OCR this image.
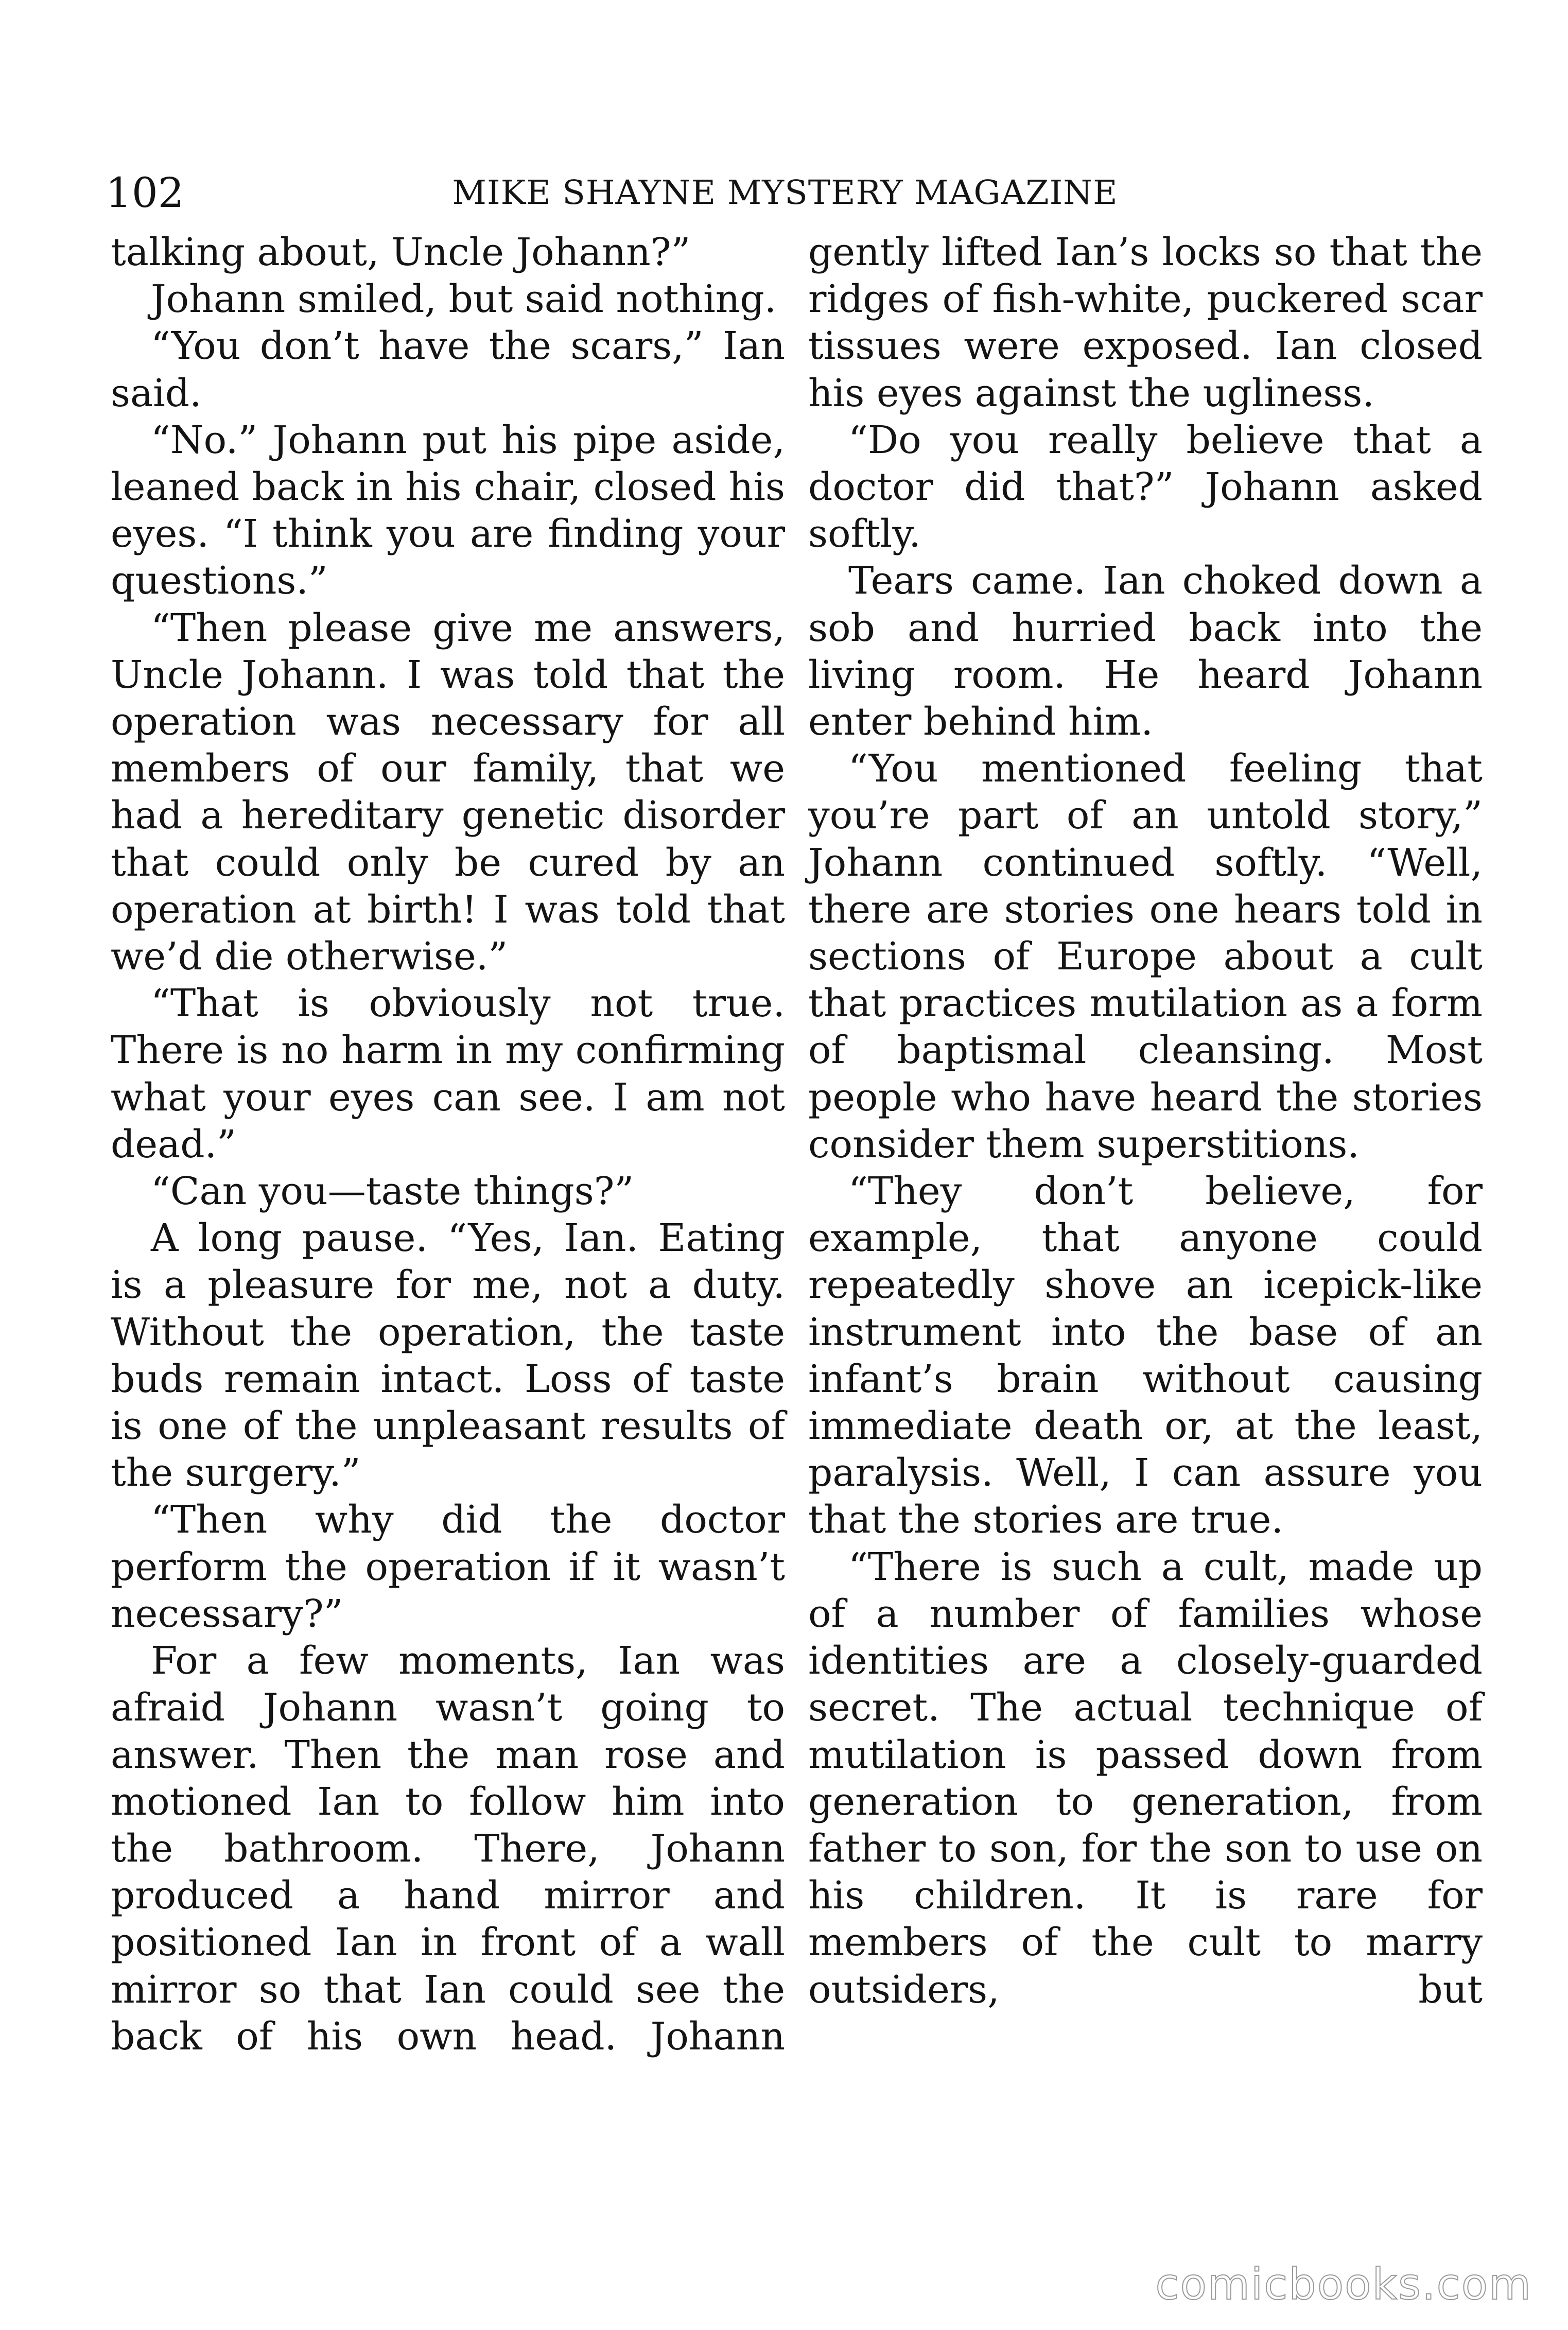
102	MIKE SHAYNE MYSTERY MAGAZINE

talking about, Uncle Johann?”

Johann smiled, but said nothing.

“You don’t have the scars,” Ian said.

“No.” Johann put his pipe aside, leaned back in his chair, closed his eyes. “I think you are finding your questions.”

“Then please give me answers, Uncle Johann. I was told that the operation was necessary for all members of our family, that we had a hereditary genetic disorder that could only be cured by an operation at birth! I was told that we’d die otherwise.”

“That is obviously not true. There is no harm in my confirming what your eyes can see. I am not dead.”

“Can you—taste things?”

A long pause. “Yes, Ian. Eating is a pleasure for me, not a duty. Without the operation, the taste buds remain intact. Loss of taste is one of the unpleasant results of the surgery.”

“Then why did the doctor perform the operation if it wasn’t necessary?”

For a few moments, Ian was afraid Johann wasn’t going to answer. Then the man rose and motioned Ian to follow him into the bathroom. There, Johann produced a hand mirror and positioned Ian in front of a wall mirror so that Ian could see the back of his own head. Johann

gently lifted Ian’s locks so that the ridges of fish-white, puckered scar tissues were exposed. Ian closed his eyes against the ugliness.

“Do you really believe that a doctor did that?” Johann asked softly.

Tears came. Ian choked down a sob and hurried back into the living room. He heard Johann enter behind him.

“You mentioned feeling that you’re part of an untold story,” Johann continued softly. “Well, there are stories one hears told in sections of Europe about a cult that practices mutilation as a form of baptismal cleansing. Most people who have heard the stories consider them superstitions.

“They don’t believe, for example, that anyone could repeatedly shove an icepick-like instrument into the base of an infant’s brain without causing immediate death or, at the least, paralysis. Well, I can assure you that the stories are true.

“There is such a cult, made up of a number of families whose identities are a closely-guarded secret. The actual technique of mutilation is passed down from generation to generation, from father to son, for the son to use on his children. It is rare for members of the cult to marry outsiders, but

comicbooks.com
